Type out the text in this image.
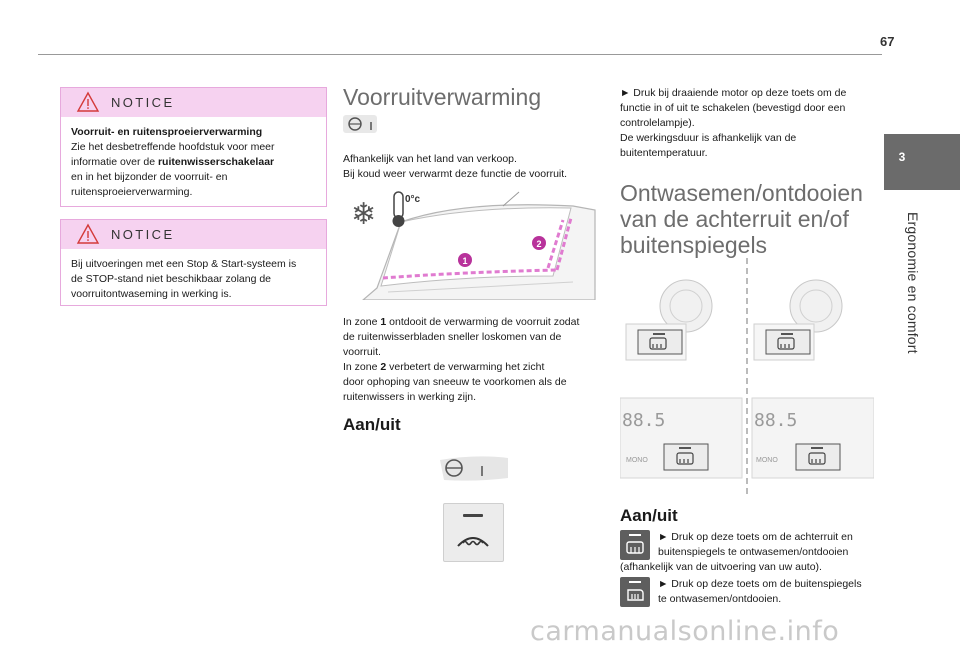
67
3
Ergonomie en comfort
NOTICE
Voorruit- en ruitensproeierverwarming
Zie het desbetreffende hoofdstuk voor meer
informatie over de ruitenwisserschakelaar
en in het bijzonder de voorruit- en
ruitensproeierverwarming.
NOTICE
Bij uitvoeringen met een Stop & Start-systeem is
de STOP-stand niet beschikbaar zolang de
voorruitontwaseming in werking is.
Voorruitverwarming
Afhankelijk van het land van verkoop.
Bij koud weer verwarmt deze functie de voorruit.
❄	0°c
1
2
In zone 1 ontdooit de verwarming de voorruit zodat
de ruitenwisserbladen sneller loskomen van de
voorruit.
In zone 2 verbetert de verwarming het zicht
door ophoping van sneeuw te voorkomen als de
ruitenwissers in werking zijn.
Aan/uit
► Druk bij draaiende motor op deze toets om de
functie in of uit te schakelen (bevestigd door een
controlelampje).
De werkingsduur is afhankelijk van de
buitentemperatuur.
Ontwasemen/ontdooien
van de achterruit en/of
buitenspiegels
88.5
MONO
88.5
MONO
Aan/uit
► Druk op deze toets om de achterruit en
buitenspiegels te ontwasemen/ontdooien
(afhankelijk van de uitvoering van uw auto).
► Druk op deze toets om de buitenspiegels
te ontwasemen/ontdooien.
carmanualsonline.info
